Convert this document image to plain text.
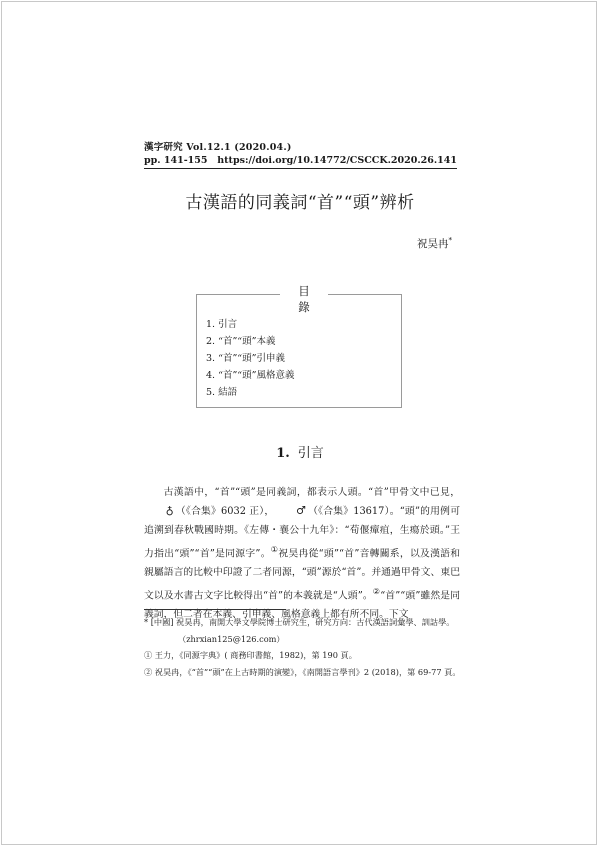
漢字研究 Vol.12.1 (2020.04.)
pp. 141-155 https://doi.org/10.14772/CSCCK.2020.26.141
古漢語的同義詞“首”“頭”辨析
祝昊冉*
目 錄
1. 引言
2. “首”“頭”本義
3. “首”“頭”引申義
4. “首”“頭”風格意義
5. 結語
1. 引言

古漢語中，“首”“頭”是同義詞，都表示人頭。“首”甲骨文中已見，♁ （《合集》6032 正）， ♂ （《合集》13617）。“頭”的用例可追溯到春秋戰國時期。《左傳・襄公十九年》：“荀偃癉疽，生瘍於頭。”王力指出“頭”“首”是同源字”。①祝昊冉從“頭”“首”音轉關系，以及漢語和親屬語言的比較中印證了二者同源，“頭”源於“首”。并通過甲骨文、東巴文以及水書古文字比較得出“首”的本義就是“人頭”。②“首”“頭”雖然是同義詞，但二者在本義、引申義、風格意義上都有所不同。下文

* [中國] 祝昊冉，南開大學文學院博士研究生，研究方向：古代漢語詞彙學、訓詁學。

（zhrxian125@126.com）

① 王力，《同源字典》( 商務印書館，1982)，第 190 頁。

② 祝昊冉，《“首”“頭”在上古時期的演變》，《南開語言學刊》2 (2018)，第 69-77 頁。
